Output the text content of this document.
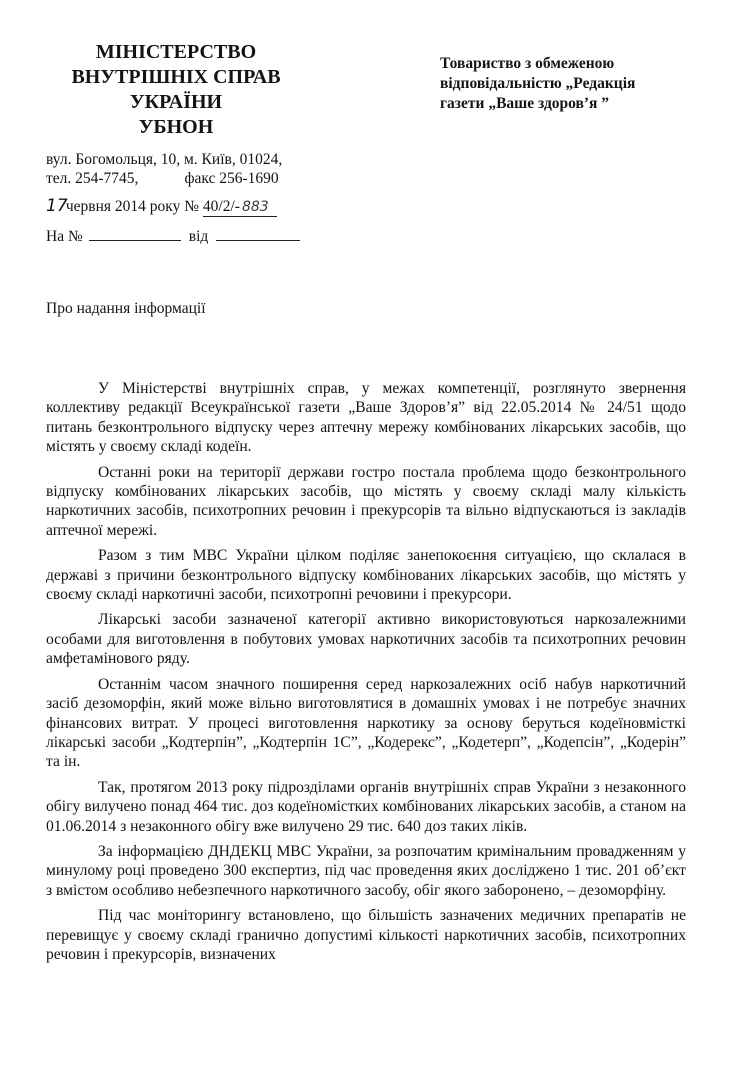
МІНІСТЕРСТВО
ВНУТРІШНІХ СПРАВ
УКРАЇНИ
УБНОН
Товариство з обмеженою
відповідальністю „Редакція
газети „Ваше здоров’я ”
вул. Богомольця, 10, м. Київ, 01024,
тел. 254-7745,	факс 256-1690
17 червня 2014 року № 40/2/- 883
На №	від
Про надання інформації

У Міністерстві внутрішніх справ, у межах компетенції, розглянуто звернення коллективу редакції Всеукраїнської газети „Ваше Здоров’я” від 22.05.2014 № 24/51 щодо питань безконтрольного відпуску через аптечну мережу комбінованих лікарських засобів, що містять у своєму складі кодеїн.

Останні роки на території держави гостро постала проблема щодо безконтрольного відпуску комбінованих лікарських засобів, що містять у своєму складі малу кількість наркотичних засобів, психотропних речовин і прекурсорів та вільно відпускаються із закладів аптечної мережі.

Разом з тим МВС України цілком поділяє занепокоєння ситуацією, що склалася в державі з причини безконтрольного відпуску комбінованих лікарських засобів, що містять у своєму складі наркотичні засоби, психотропні речовини і прекурсори.

Лікарські засоби зазначеної категорії активно використовуються наркозалежними особами для виготовлення в побутових умовах наркотичних засобів та психотропних речовин амфетамінового ряду.

Останнім часом значного поширення серед наркозалежних осіб набув наркотичний засіб дезоморфін, який може вільно виготовлятися в домашніх умовах і не потребує значних фінансових витрат. У процесі виготовлення наркотику за основу беруться кодеїновмісткі лікарські засоби „Кодтерпін”, „Кодтерпін 1С”, „Кодерекс”, „Кодетерп”, „Кодепсін”, „Кодерін” та ін.

Так, протягом 2013 року підрозділами органів внутрішніх справ України з незаконного обігу вилучено понад 464 тис. доз кодеїномістких комбінованих лікарських засобів, а станом на 01.06.2014 з незаконного обігу вже вилучено 29 тис. 640 доз таких ліків.

За інформацією ДНДЕКЦ МВС України, за розпочатим кримінальним провадженням у минулому році проведено 300 експертиз, під час проведення яких досліджено 1 тис. 201 об’єкт з вмістом особливо небезпечного наркотичного засобу, обіг якого заборонено, – дезоморфіну.

Під час моніторингу встановлено, що більшість зазначених медичних препаратів не перевищує у своєму складі гранично допустимі кількості наркотичних засобів, психотропних речовин і прекурсорів, визначених
